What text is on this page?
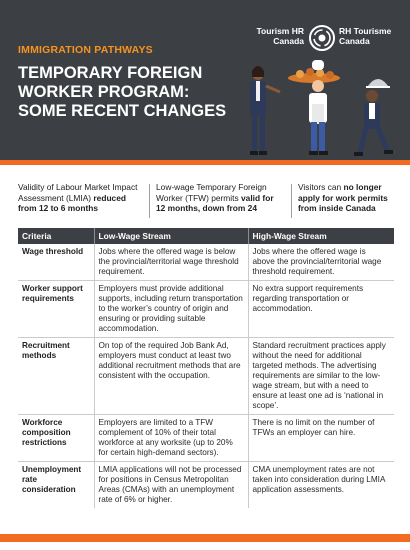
IMMIGRATION PATHWAYS
TEMPORARY FOREIGN
WORKER PROGRAM:
SOME RECENT CHANGES
Tourism HR
Canada
RH Tourisme
Canada
Validity of Labour Market Impact Assessment (LMIA) reduced from 12 to 6 months
Low-wage Temporary Foreign Worker (TFW) permits valid for 12 months, down from 24
Visitors can no longer apply for work permits from inside Canada
Criteria	Low-Wage Stream	High-Wage Stream
Wage threshold	Jobs where the offered wage is below the provincial/territorial wage threshold requirement.	Jobs where the offered wage is above the provincial/territorial wage threshold requirement.
Worker support requirements	Employers must provide additional supports, including return transportation to the worker’s country of origin and ensuring or providing suitable accommodation.	No extra support requirements regarding transportation or accommodation.
Recruitment methods	On top of the required Job Bank Ad, employers must conduct at least two additional recruitment methods that are consistent with the occupation.	Standard recruitment practices apply without the need for additional targeted methods. The advertising requirements are similar to the low-wage stream, but with a need to ensure at least one ad is ‘national in scope’.
Workforce composition restrictions	Employers are limited to a TFW complement of 10% of their total workforce at any worksite (up to 20% for certain high-demand sectors).	There is no limit on the number of TFWs an employer can hire.
Unemployment rate consideration	LMIA applications will not be processed for positions in Census Metropolitan Areas (CMAs) with an unemployment rate of 6% or higher.	CMA unemployment rates are not taken into consideration during LMIA application assessments.
